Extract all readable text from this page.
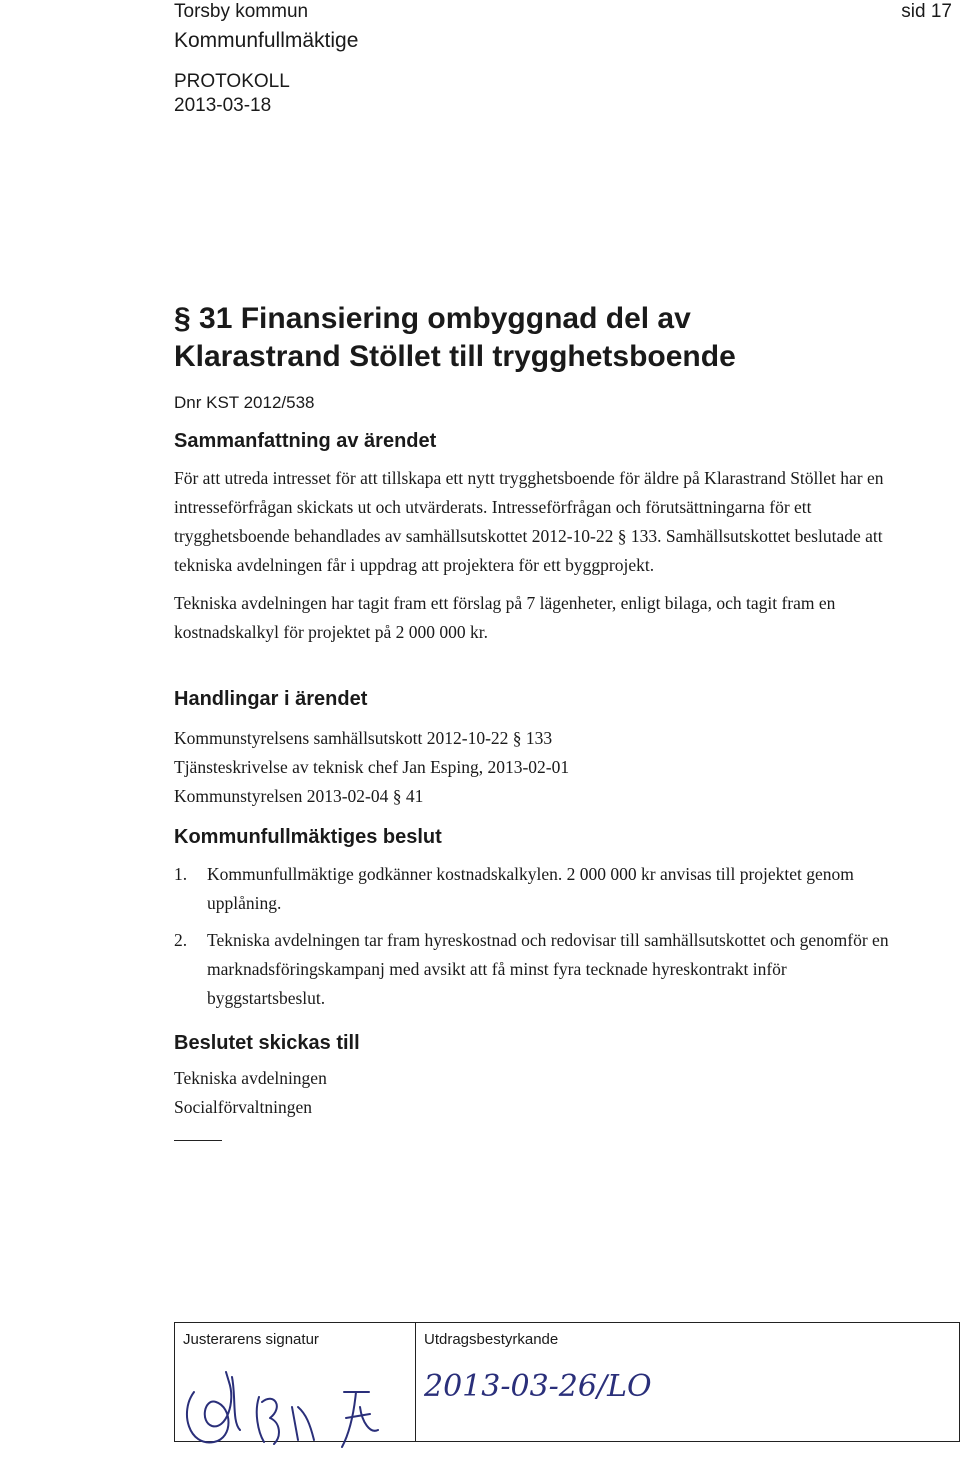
Torsby kommun
Kommunfullmäktige
PROTOKOLL
2013-03-18
sid 17
§ 31 Finansiering ombyggnad del av
Klarastrand Stöllet till trygghetsboende
Dnr KST 2012/538
Sammanfattning av ärendet

För att utreda intresset för att tillskapa ett nytt trygghetsboende för äldre på Klarastrand Stöllet har en intresseförfrågan skickats ut och utvärderats. Intresseförfrågan och förutsättningarna för ett trygghetsboende behandlades av samhällsutskottet 2012-10-22 § 133. Samhällsutskottet beslutade att tekniska avdelningen får i uppdrag att projektera för ett byggprojekt.

Tekniska avdelningen har tagit fram ett förslag på 7 lägenheter, enligt bilaga, och tagit fram en kostnadskalkyl för projektet på 2 000 000 kr.

Handlingar i ärendet
Kommunstyrelsens samhällsutskott 2012-10-22 § 133
Tjänsteskrivelse av teknisk chef Jan Esping, 2013-02-01
Kommunstyrelsen 2013-02-04 § 41
Kommunfullmäktiges beslut
1.	Kommunfullmäktige godkänner kostnadskalkylen. 2 000 000 kr anvisas till projektet genom upplåning.
2.	Tekniska avdelningen tar fram hyreskostnad och redovisar till samhällsutskottet och genomför en marknadsföringskampanj med avsikt att få minst fyra tecknade hyreskontrakt inför byggstartsbeslut.
Beslutet skickas till
Tekniska avdelningen
Socialförvaltningen
Justerarens signatur	Utdragsbestyrkande
2013-03-26/LO
